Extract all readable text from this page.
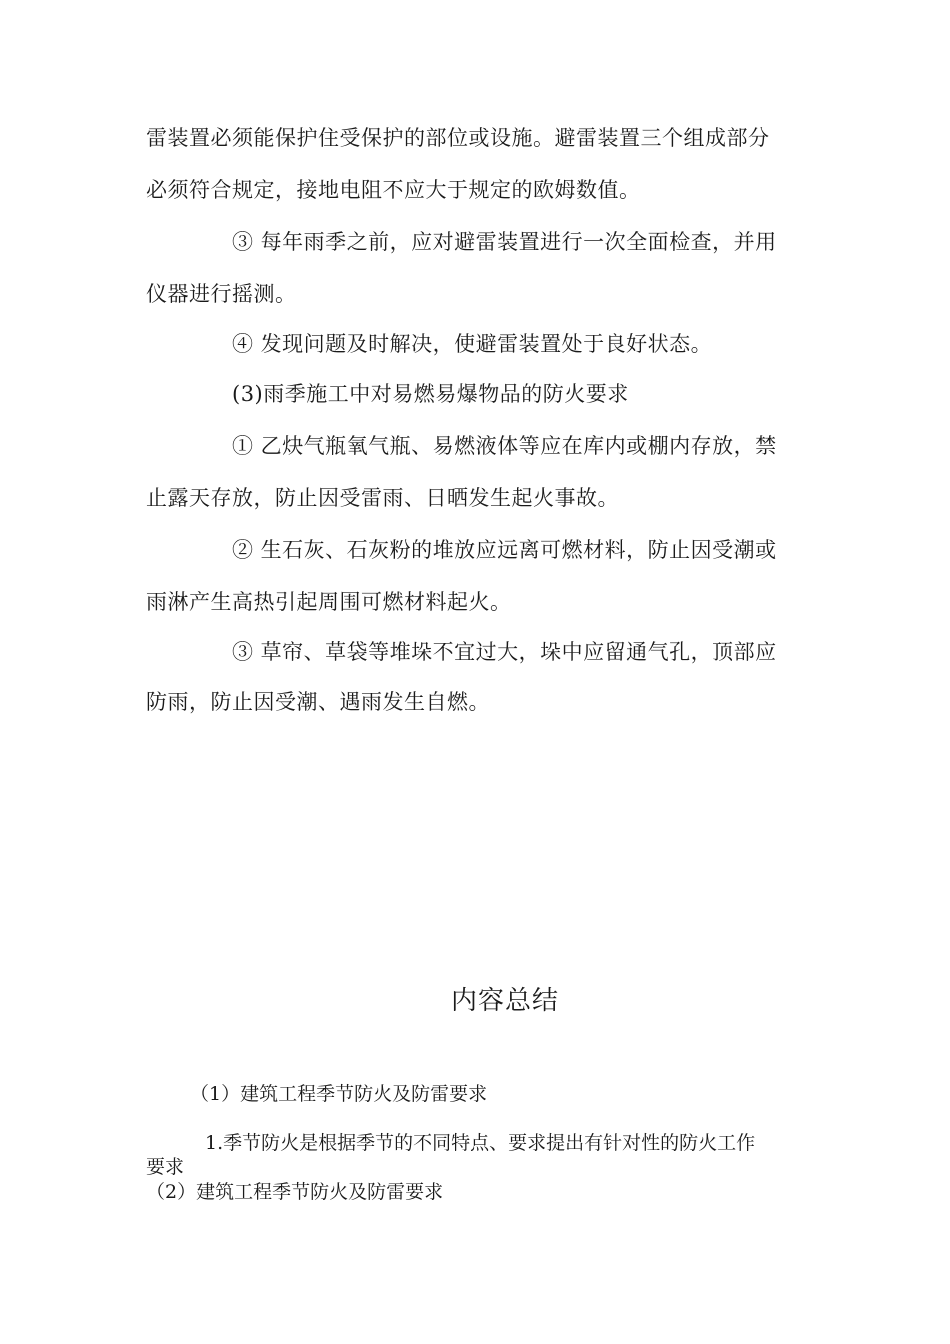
雷装置必须能保护住受保护的部位或设施。避雷装置三个组成部分
必须符合规定，接地电阻不应大于规定的欧姆数值。
③ 每年雨季之前，应对避雷装置进行一次全面检查，并用
仪器进行摇测。
④ 发现问题及时解决，使避雷装置处于良好状态。
(3)雨季施工中对易燃易爆物品的防火要求
① 乙炔气瓶氧气瓶、易燃液体等应在库内或棚内存放，禁
止露天存放，防止因受雷雨、日晒发生起火事故。
② 生石灰、石灰粉的堆放应远离可燃材料，防止因受潮或
雨淋产生高热引起周围可燃材料起火。
③ 草帘、草袋等堆垛不宜过大，垛中应留通气孔，顶部应
防雨，防止因受潮、遇雨发生自燃。
内容总结
（1）建筑工程季节防火及防雷要求
1.季节防火是根据季节的不同特点、要求提出有针对性的防火工作
要求
（2）建筑工程季节防火及防雷要求
